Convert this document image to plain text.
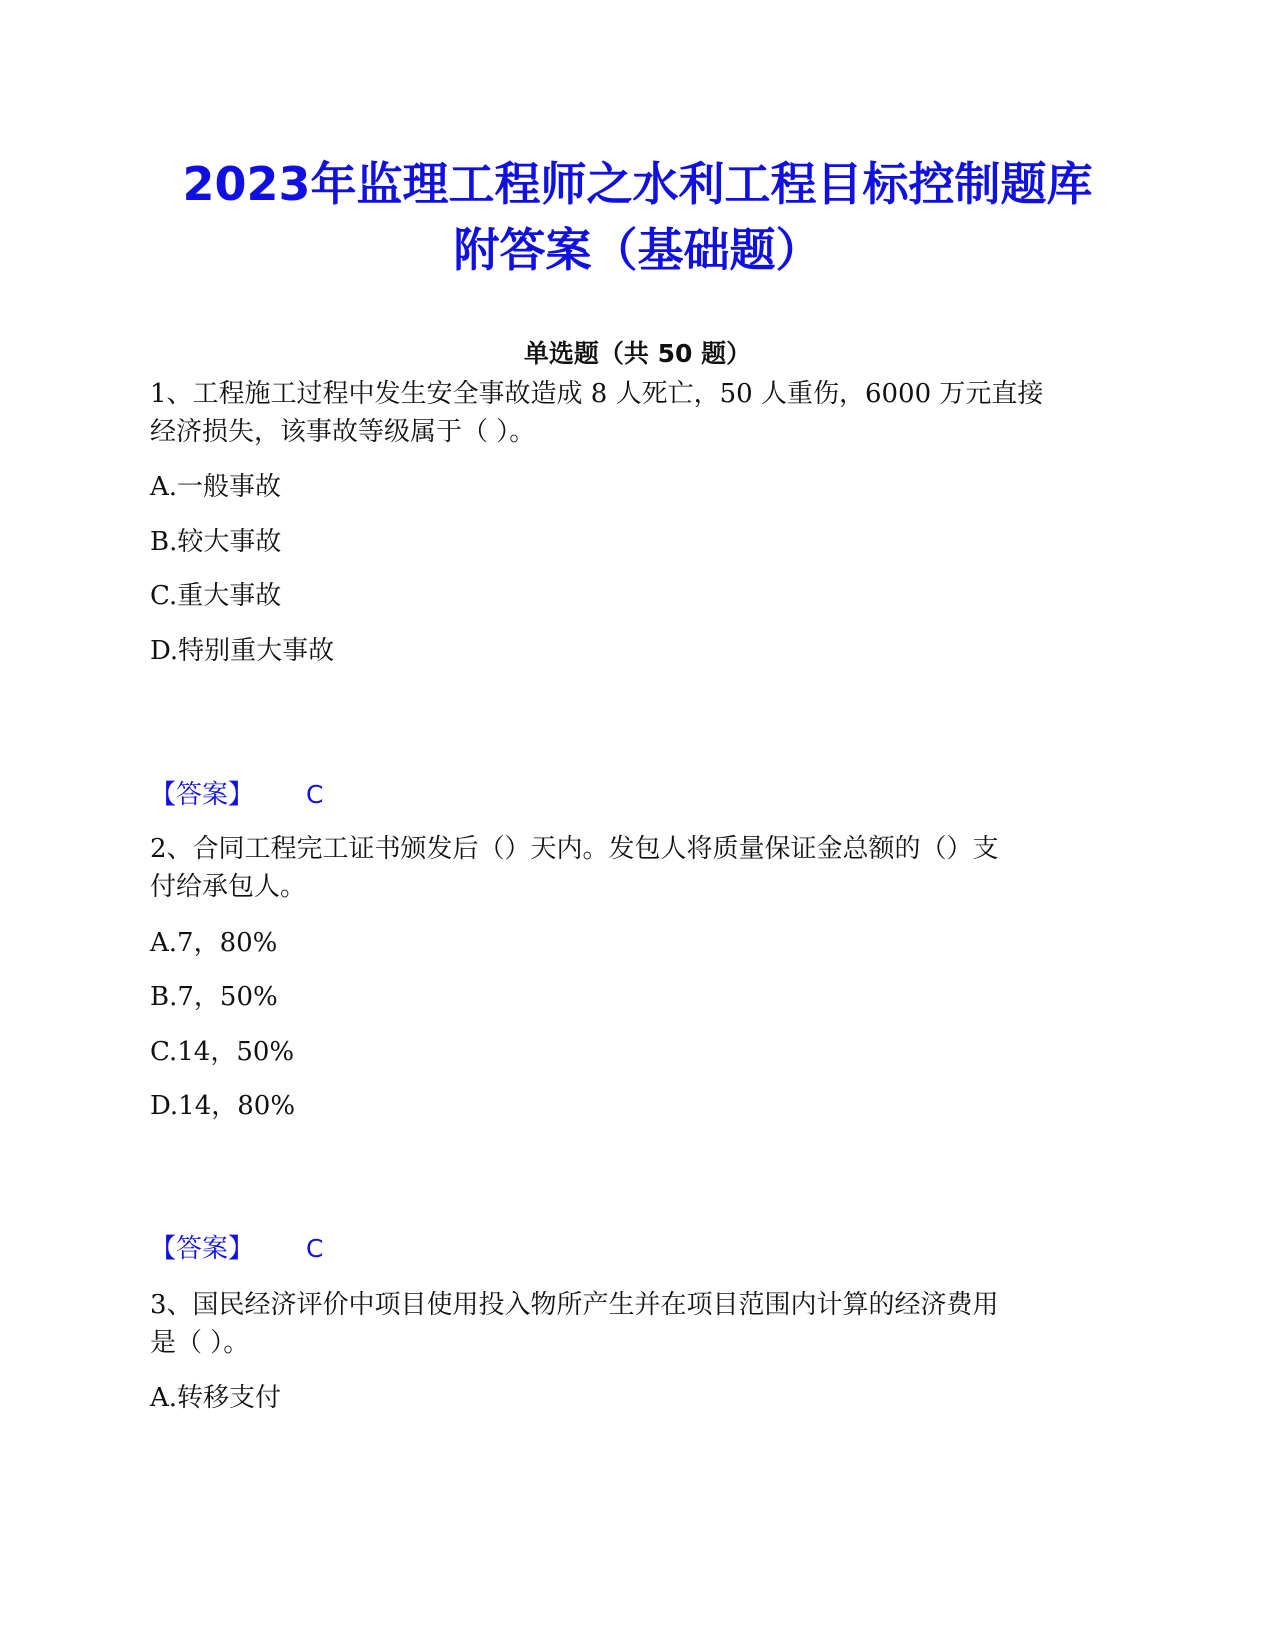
2023年监理工程师之水利工程目标控制题库
附答案（基础题）
单选题（共 50 题）
1、工程施工过程中发生安全事故造成 8 人死亡，50 人重伤，6000 万元直接
经济损失，该事故等级属于（ ）。
A.一般事故
B.较大事故
C.重大事故
D.特别重大事故
【答案】 C
2、合同工程完工证书颁发后（）天内。发包人将质量保证金总额的（）支
付给承包人。
A.7，80%
B.7，50%
C.14，50%
D.14，80%
【答案】 C
3、国民经济评价中项目使用投入物所产生并在项目范围内计算的经济费用
是（ ）。
A.转移支付
